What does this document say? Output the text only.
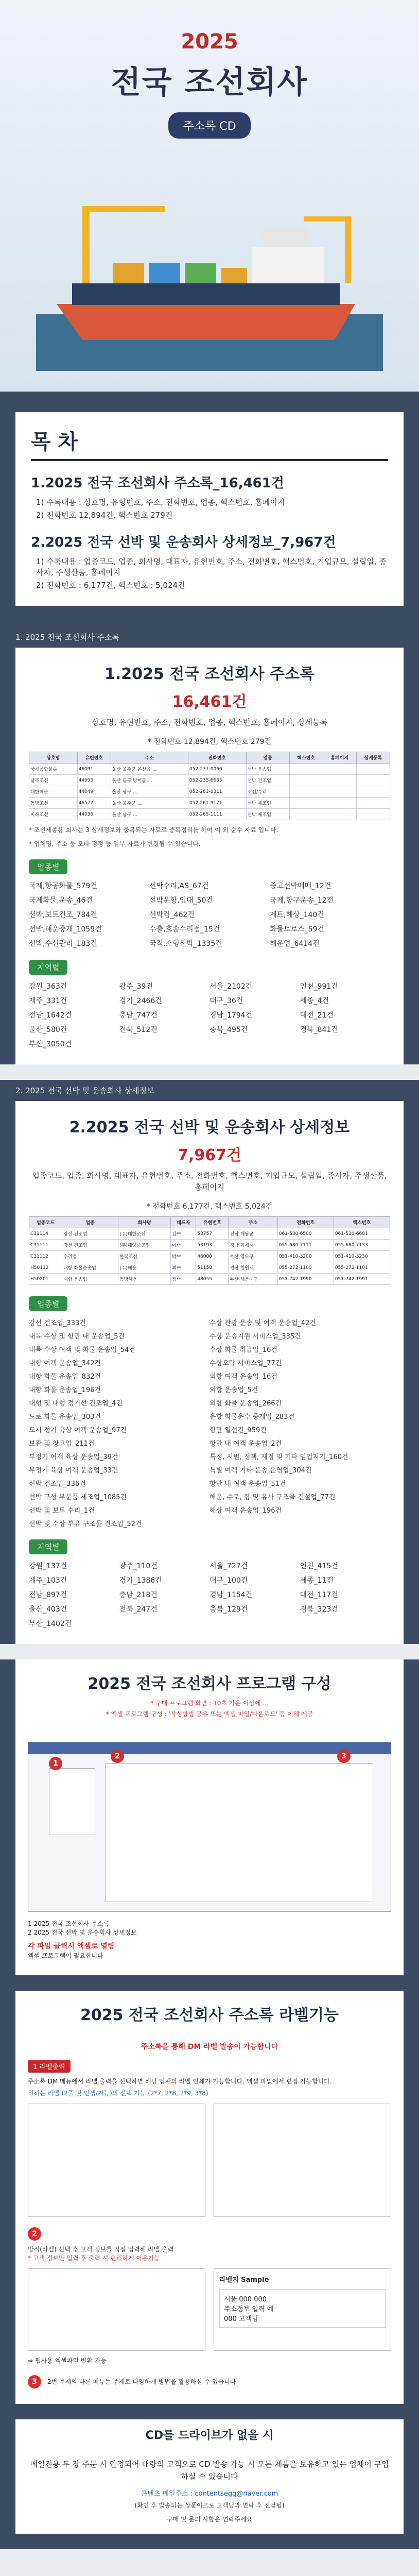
2025
전국 조선회사
주소록 CD
목 차
1.2025 전국 조선회사 주소록_16,461건

1) 수록내용 : 상호명, 유형번호, 주소, 전화번호, 업종, 핵스번호, 홈페이지

2) 전화번호 12,894건, 핵스번호 279건

2.2025 전국 선박 및 운송회사 상세정보_7,967건

1) 수록내용 : 업종코드, 업종, 회사명, 대표자, 유현번호, 주소, 전화번호, 핵스번호, 기업규모, 설립일, 종사자, 주생산품, 홈페이지

2) 전화번호 : 6,177건, 핵스번호 : 5,024건

1. 2025 전국 조선회사 주소록
1.2025 전국 조선회사 주소록
16,461건
상호명, 유현번호, 주소, 전화번호, 업종, 핵스번호, 홈페이지, 상세등록
* 전화번호 12,894건, 핵스번호 279건
상호명	유현번호	주소	전화번호	업종	핵스번호	홈페이지	상세등록
국제종합물류	46091	울산 울주군 온산읍 ...	052-237-0066	선박 운송업			
남해조선	44993	울산 동구 방어동 ...	052-235-6633	선박 건조업			
대한해운	44049	울산 남구 ...	052-261-0311	조선/수리			
동방조선	46577	울산 울주군 ...	052-261-9171	선박 제조업			
미래조선	44036	울산 남구 ...	052-265-1111	선박 제조업			
* 조선세종용 회사는 3 상세정보와 중복되는 자료로 중복정리를 하여 이 외 순수 자료 입니다.
* 업체명, 주소 등 오타 정정 등 일부 자료가 변경될 수 있습니다.
업종별
국제,항공화물_579건	선박수리,AS_67건	중고선박매매_12건
국제화물,운송_46건	선박운항,임대_50건	국제,항구운송_12건
선박,보트건조_784건	선박컴_462건	제트,해상_140건
선박,해운중개_1059건	수출,호송수리점_15건	화물트로스_59건
선박,수선관리_183건	국적,소형선박_1335건	해운업_6414건
지역별
강원_363건	광주_39건	서울_2102건	인천_991건
제주_331건	경기_2466건	대구_36건	세종_4건
전남_1642건	충남_747건	경남_1794건	대전_21건
울산_580건	전북_512건	충북_495건	경북_841건
부산_3050건
2. 2025 전국 선박 및 운송회사 상세정보
2.2025 전국 선박 및 운송회사 상세정보
7,967건
업종코드, 업종, 회사명, 대표자, 유현번호, 주소, 전화번호, 핵스번호, 기업규모, 설립일, 종사자, 주생산품, 홈페이지
* 전화번호 6,177건, 핵스번호 5,024건
업종코드	업종	회사명	대표자	유현번호	주소	전화번호	핵스번호
C31114	강선 건조업	(주)대한조선	김**	58757	전남 해남군	061-530-6500	061-530-6601
C31111	강선 건조업	(주)해양중공업	이**	53193	경남 거제시	055-680-7111	055-680-7133
C31112	수리업	한국조선	박**	46000	부산 영도구	051-410-3200	051-410-3230
H50112	내항 화물운송업	(주)해운	최**	51150	경남 창원시	055-272-1100	055-272-1101
H50201	내항 운송업	동방해운	정**	48055	부산 해운대구	051-742-1990	051-742-1991
업종별
강선 건조업_333건	수상 관광 운송 및 여객 운송업_42건
내륙 수상 및 항만 내 운송업_5건	수상 운송지원 서비스업_335건
내륙 수상 여객 및 화물 운송업_54건	수상 화물 취급업_16건
내항 여객 운송업_342건	수상오락 서비스업_77건
내항 화물 운송업_832건	외항 여객 운송업_16건
내항 화물 운송업_196건	외항 운송업_5건
대형 및 대형 정기선 건조업_4건	외항 화물 운송업_266건
도로 화물 운송업_303건	운항 화물운수 중개업_283건
도시 정기 육상 여객 운송업_97건	항만 일선건_959건
보관 및 창고업_211건	항만 내 여객 운송업_2건
부정기 여객 육상 운송업_39건	특정, 시범, 정책, 재정 및 기타 임업지기_160건
부정기 육상 여객 운송업_33건	특별 여객 기타 운송 운영업_304건
선박 건조업_336건	항만 내 여객 운송업_51건
선박 구성 부분품 제조업_1085건	해운, 수로, 항 및 유사 구조물 건설업_77건
선박 및 보트 수리_1건	해상 여객 운송업_196건
선박 및 수상 부유 구조물 건조업_52건
지역별
강원_137건	광주_110건	서울_727건	인천_415건
제주_103건	경기_1386건	대구_100건	세종_11건
전남_897건	충남_218건	경남_1154건	대전_117건
울산_403건	전북_247건	충북_129건	경북_323건
부산_1402건
2025 전국 조선회사 프로그램 구성
* 구매 프로그램 화면 : 10초 가운 이상에 ...
* 엑셀 프로그램 구성 : '작성방법 공유 또는 엑셀 파일/다운로드' 등 이해 제공
1
2	3
1 2025 전국 조선회사 주소록
2 2025 전국 선박 및 운송회사 상세정보
각 파일 클릭시 엑셀로 열림
엑셀 프로그램이 필요합니다
2025 전국 조선회사 주소록 라벨기능
주소록을 통해 DM 라벨 발송이 가능합니다
1 라벨출력
주소록 DM 메뉴에서 라벨 출력을 선택하면 해당 업체의 라벨 인쇄가 가능합니다. 엑셀 파일에서 편집 가능합니다.
원하는 라벨 (2줄 및 인생/기능)의 선택 가능 (2*7, 2*8, 2*9, 3*8)
2
방식(라벨) 선택 후 고객 정보를 직접 입력해 라벨 출력
* 고객 정보만 입력 후 출력 시 편리하게 이용가능
라벨지 Sample
서울 000 000
주소정보 입력 예
000 고객님
⇒ 웹사용 엑셀파일 변환 가능
3 2번 주제의 다른 메뉴는 주제로 다양하게 방법을 활용하실 수 있습니다
CD를 드라이브가 없을 시
메일전용 두 장 주문 시 안정되어 대량의 고객으로 CD 발송 가능 시 모든 제품을 보유하고 있는 업체이 구입하실 수 있습니다
콘텐츠 메일주소 : contentsegg@naver.com
(확인 후 발송되는 상품이므로 고객님과 연락 후 전달됨)
구매 및 문의 사항은 연락주세요
